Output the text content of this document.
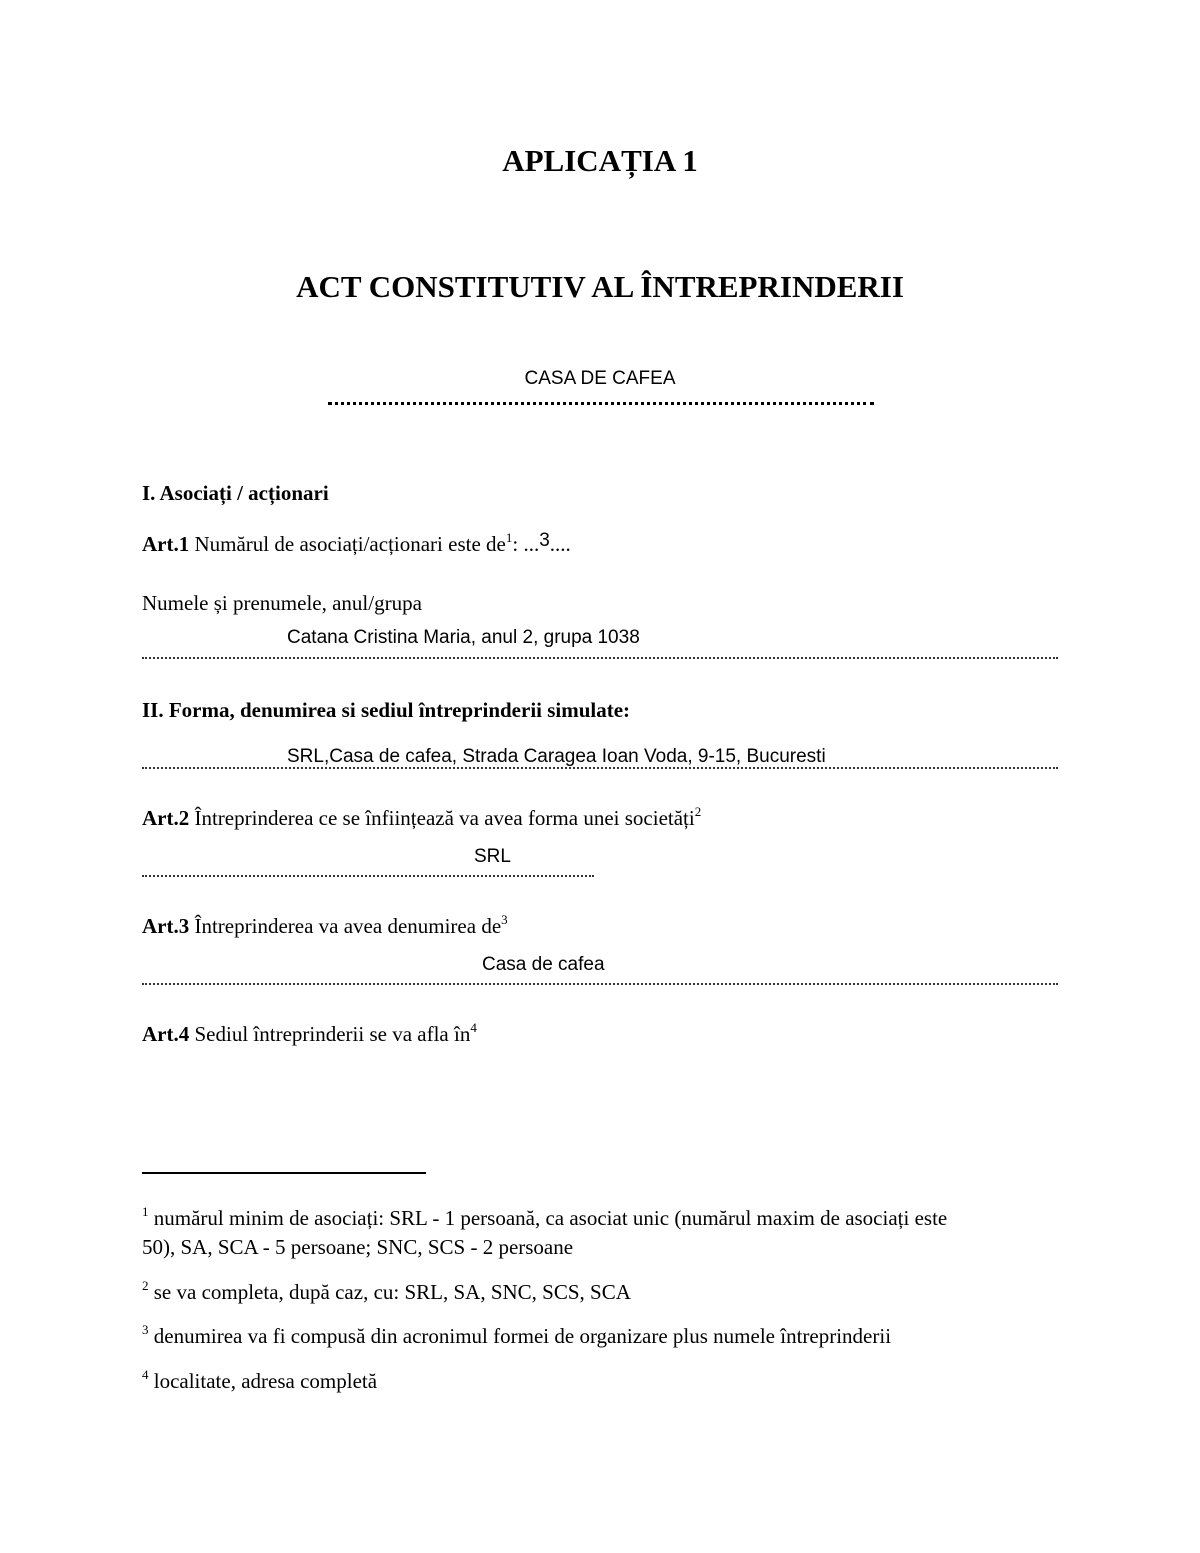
APLICAȚIA 1
ACT CONSTITUTIV AL ÎNTREPRINDERII
CASA DE CAFEA
I. Asociați / acționari
Art.1 Numărul de asociați/acționari este $de^1$: ...3....
Numele și prenumele, anul/grupa
Catana Cristina Maria, anul 2, grupa 1038
II. Forma, denumirea si sediul întreprinderii simulate:
SRL,Casa de cafea, Strada Caragea Ioan Voda, 9-15, Bucuresti
Art.2 Întreprinderea ce se înființează va avea forma unei societăți$^2$
SRL
Art.3 Întreprinderea va avea denumirea $de^3$
Casa de cafea
Art.4 Sediul întreprinderii se va afla $în^4$
$^1$ numărul minim de asociați: SRL - 1 persoană, ca asociat unic (numărul maxim de asociați este
50), SA, SCA - 5 persoane; SNC, SCS - 2 persoane
$^2$ se va completa, după caz, cu: SRL, SA, SNC, SCS, SCA
$^3$ denumirea va fi compusă din acronimul formei de organizare plus numele întreprinderii
$^4$ localitate, adresa completă
